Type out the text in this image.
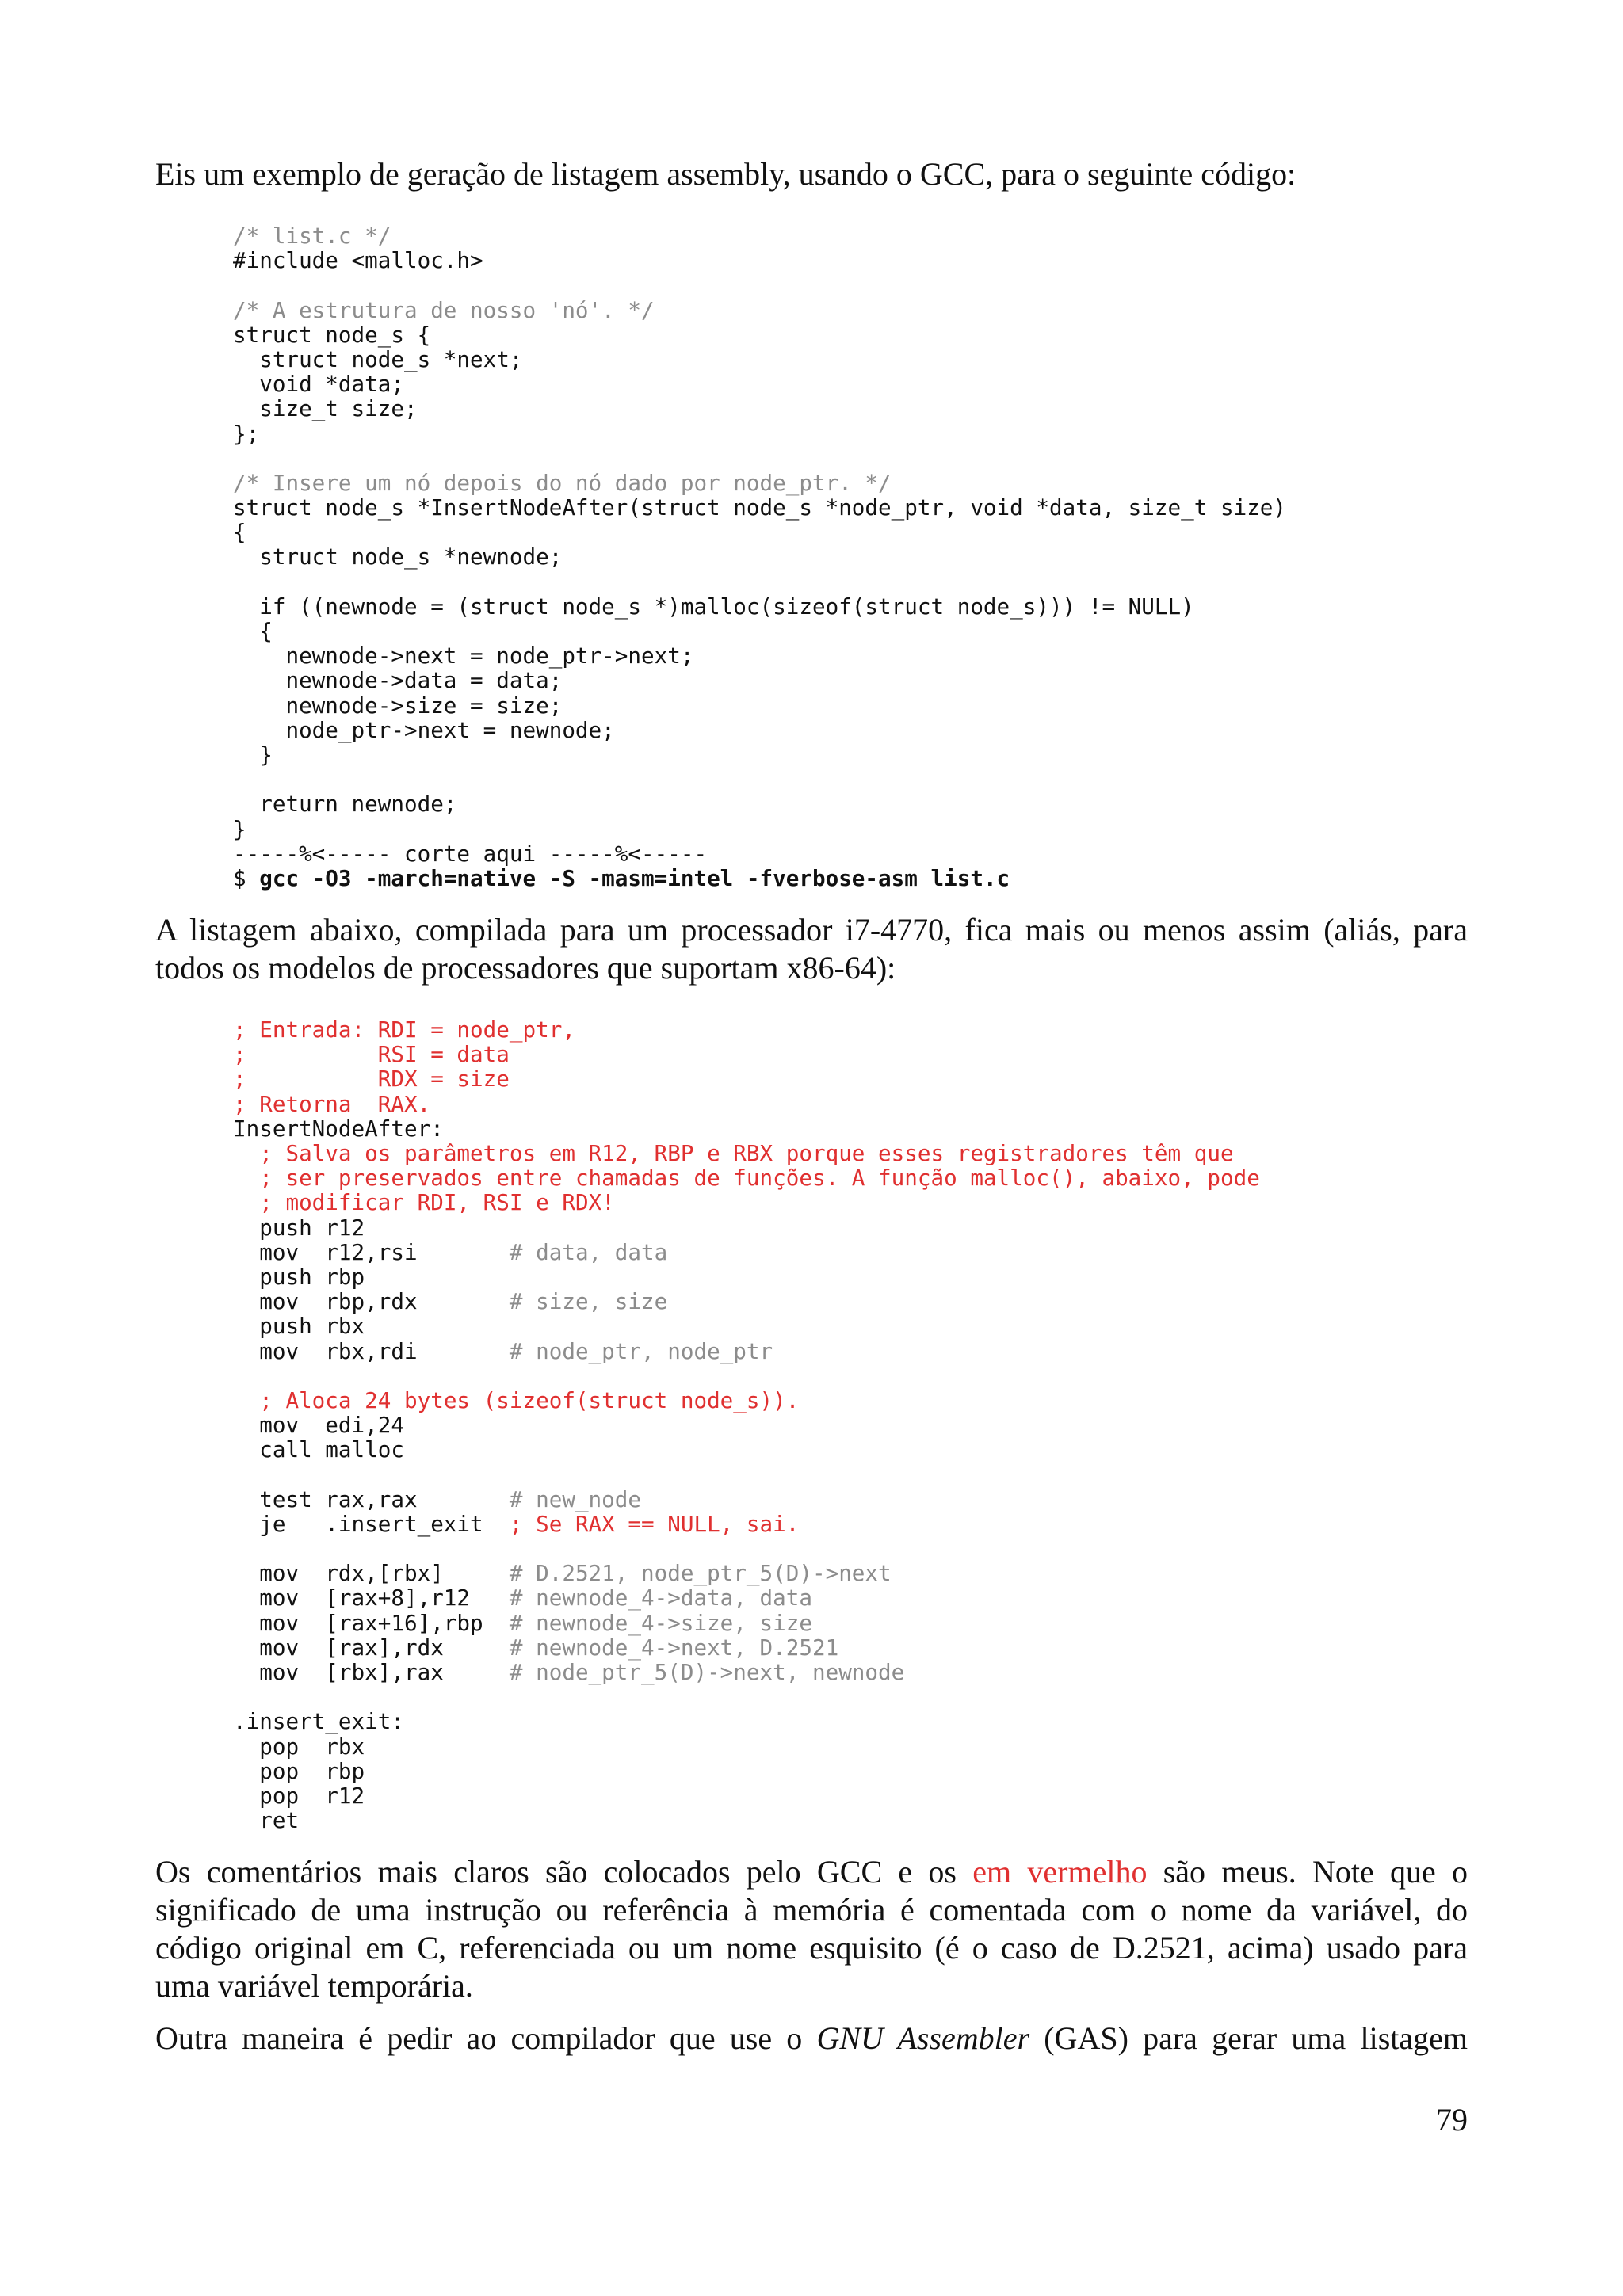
Eis um exemplo de geração de listagem assembly, usando o GCC, para o seguinte código:

/* list.c */
#include <malloc.h>
/* A estrutura de nosso 'nó'. */
struct node_s {
struct node_s *next;
void *data;
size_t size;
};
/* Insere um nó depois do nó dado por node_ptr. */
struct node_s *InsertNodeAfter(struct node_s *node_ptr, void *data, size_t size)
{
struct node_s *newnode;
if ((newnode = (struct node_s *)malloc(sizeof(struct node_s))) != NULL)
{
newnode->next = node_ptr->next;
newnode->data = data;
newnode->size = size;
node_ptr->next = newnode;
}
return newnode;
}
-----%<----- corte aqui -----%<-----
$ gcc -O3 -march=native -S -masm=intel -fverbose-asm list.c

A listagem abaixo, compilada para um processador i7-4770, fica mais ou menos assim (aliás, para
todos os modelos de processadores que suportam x86-64):

; Entrada: RDI = node_ptr,
;          RSI = data
;          RDX = size
; Retorna  RAX.
InsertNodeAfter:
; Salva os parâmetros em R12, RBP e RBX porque esses registradores têm que
; ser preservados entre chamadas de funções. A função malloc(), abaixo, pode
; modificar RDI, RSI e RDX!
push r12
mov  r12,rsi       # data, data
push rbp
mov  rbp,rdx       # size, size
push rbx
mov  rbx,rdi       # node_ptr, node_ptr
; Aloca 24 bytes (sizeof(struct node_s)).
mov  edi,24
call malloc
test rax,rax       # new_node
je   .insert_exit  ; Se RAX == NULL, sai.
mov  rdx,[rbx]     # D.2521, node_ptr_5(D)->next
mov  [rax+8],r12   # newnode_4->data, data
mov  [rax+16],rbp  # newnode_4->size, size
mov  [rax],rdx     # newnode_4->next, D.2521
mov  [rbx],rax     # node_ptr_5(D)->next, newnode
.insert_exit:
pop  rbx
pop  rbp
pop  r12
ret

Os comentários mais claros são colocados pelo GCC e os em vermelho são meus. Note que o
significado de uma instrução ou referência à memória é comentada com o nome da variável, do
código original em C, referenciada ou um nome esquisito (é o caso de D.2521, acima) usado para
uma variável temporária.

Outra maneira é pedir ao compilador que use o GNU Assembler (GAS) para gerar uma listagem

79
